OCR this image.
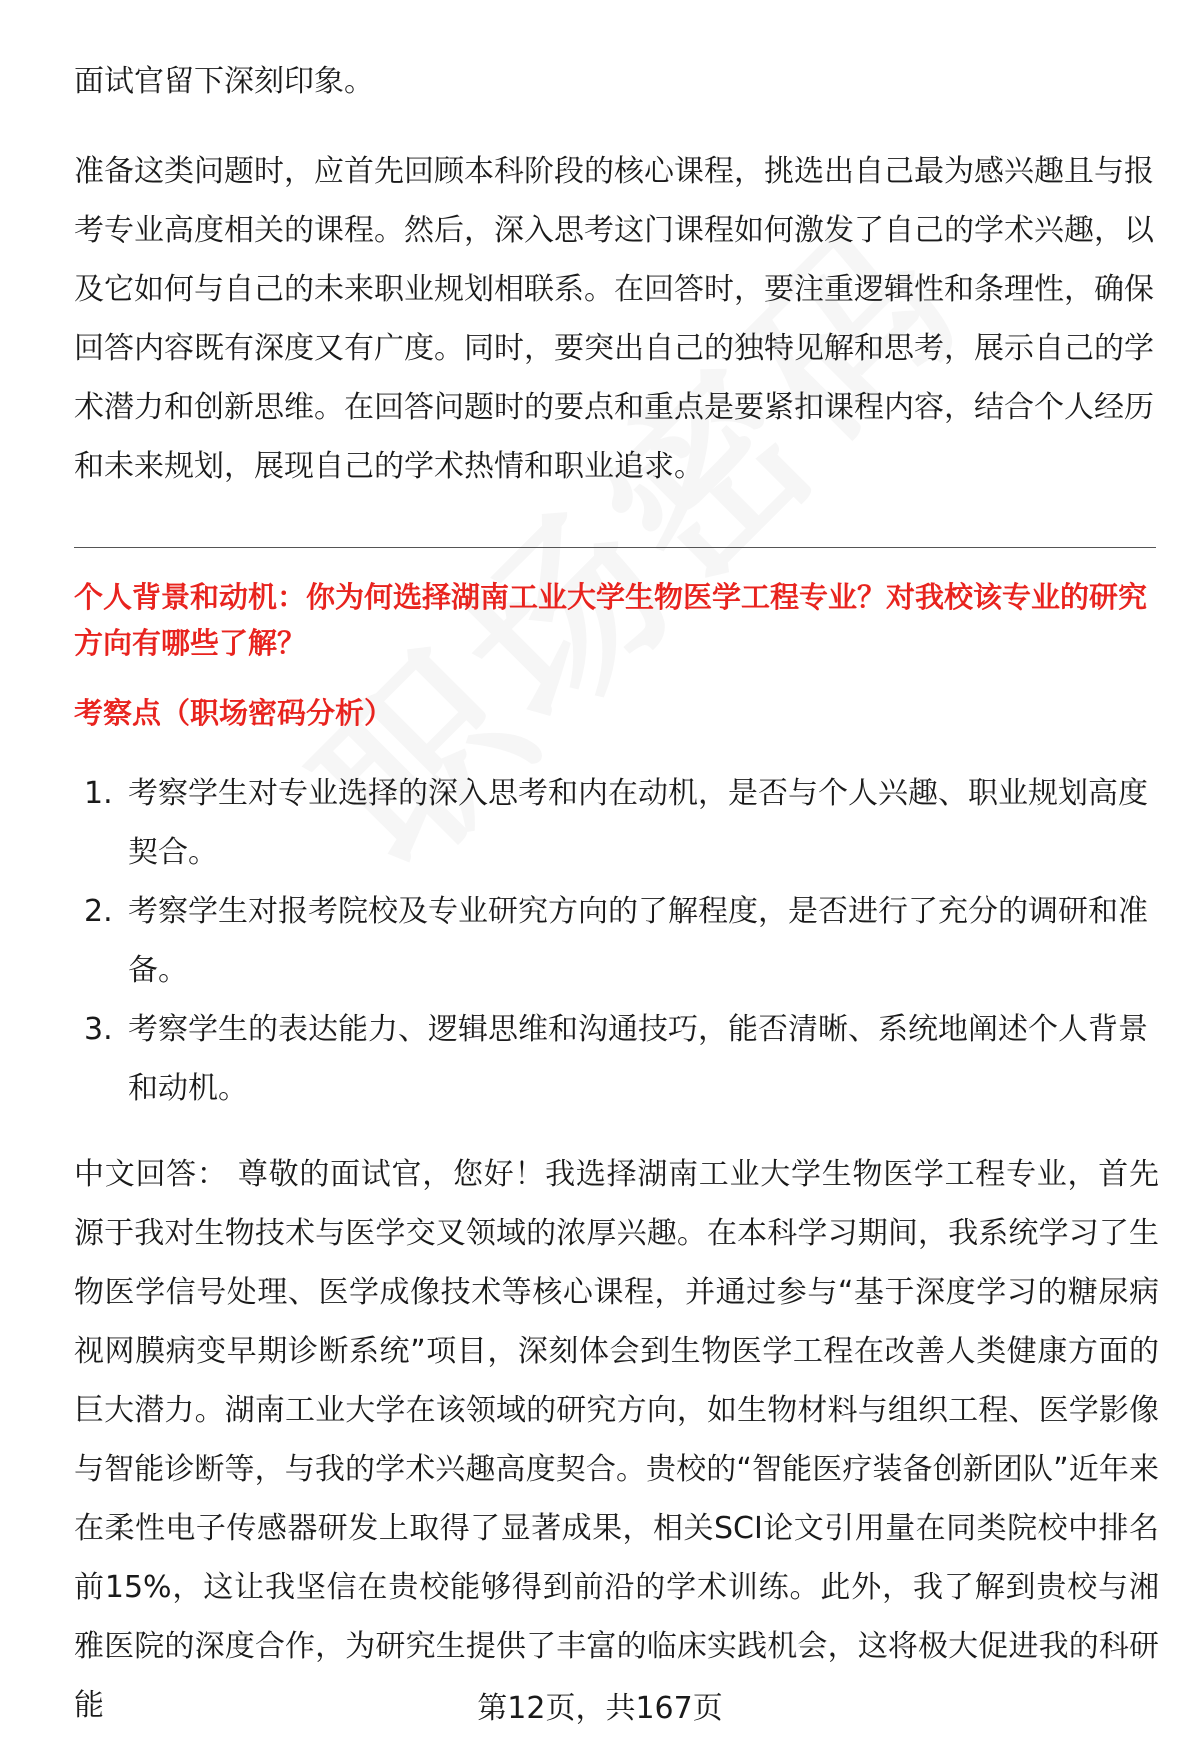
面试官留下深刻印象。

准备这类问题时，应首先回顾本科阶段的核心课程，挑选出自己最为感兴趣且与报考专业高度相关的课程。然后，深入思考这门课程如何激发了自己的学术兴趣，以及它如何与自己的未来职业规划相联系。在回答时，要注重逻辑性和条理性，确保回答内容既有深度又有广度。同时，要突出自己的独特见解和思考，展示自己的学术潜力和创新思维。在回答问题时的要点和重点是要紧扣课程内容，结合个人经历和未来规划，展现自己的学术热情和职业追求。

个人背景和动机：你为何选择湖南工业大学生物医学工程专业？对我校该专业的研究方向有哪些了解？

考察点（职场密码分析）

1. 考察学生对专业选择的深入思考和内在动机，是否与个人兴趣、职业规划高度契合。
2. 考察学生对报考院校及专业研究方向的了解程度，是否进行了充分的调研和准备。
3. 考察学生的表达能力、逻辑思维和沟通技巧，能否清晰、系统地阐述个人背景和动机。

中文回答： 尊敬的面试官，您好！我选择湖南工业大学生物医学工程专业，首先源于我对生物技术与医学交叉领域的浓厚兴趣。在本科学习期间，我系统学习了生物医学信号处理、医学成像技术等核心课程，并通过参与“基于深度学习的糖尿病视网膜病变早期诊断系统”项目，深刻体会到生物医学工程在改善人类健康方面的巨大潜力。湖南工业大学在该领域的研究方向，如生物材料与组织工程、医学影像与智能诊断等，与我的学术兴趣高度契合。贵校的“智能医疗装备创新团队”近年来在柔性电子传感器研发上取得了显著成果，相关SCI论文引用量在同类院校中排名前15%，这让我坚信在贵校能够得到前沿的学术训练。此外，我了解到贵校与湘雅医院的深度合作，为研究生提供了丰富的临床实践机会，这将极大促进我的科研能	第12页，共167页
